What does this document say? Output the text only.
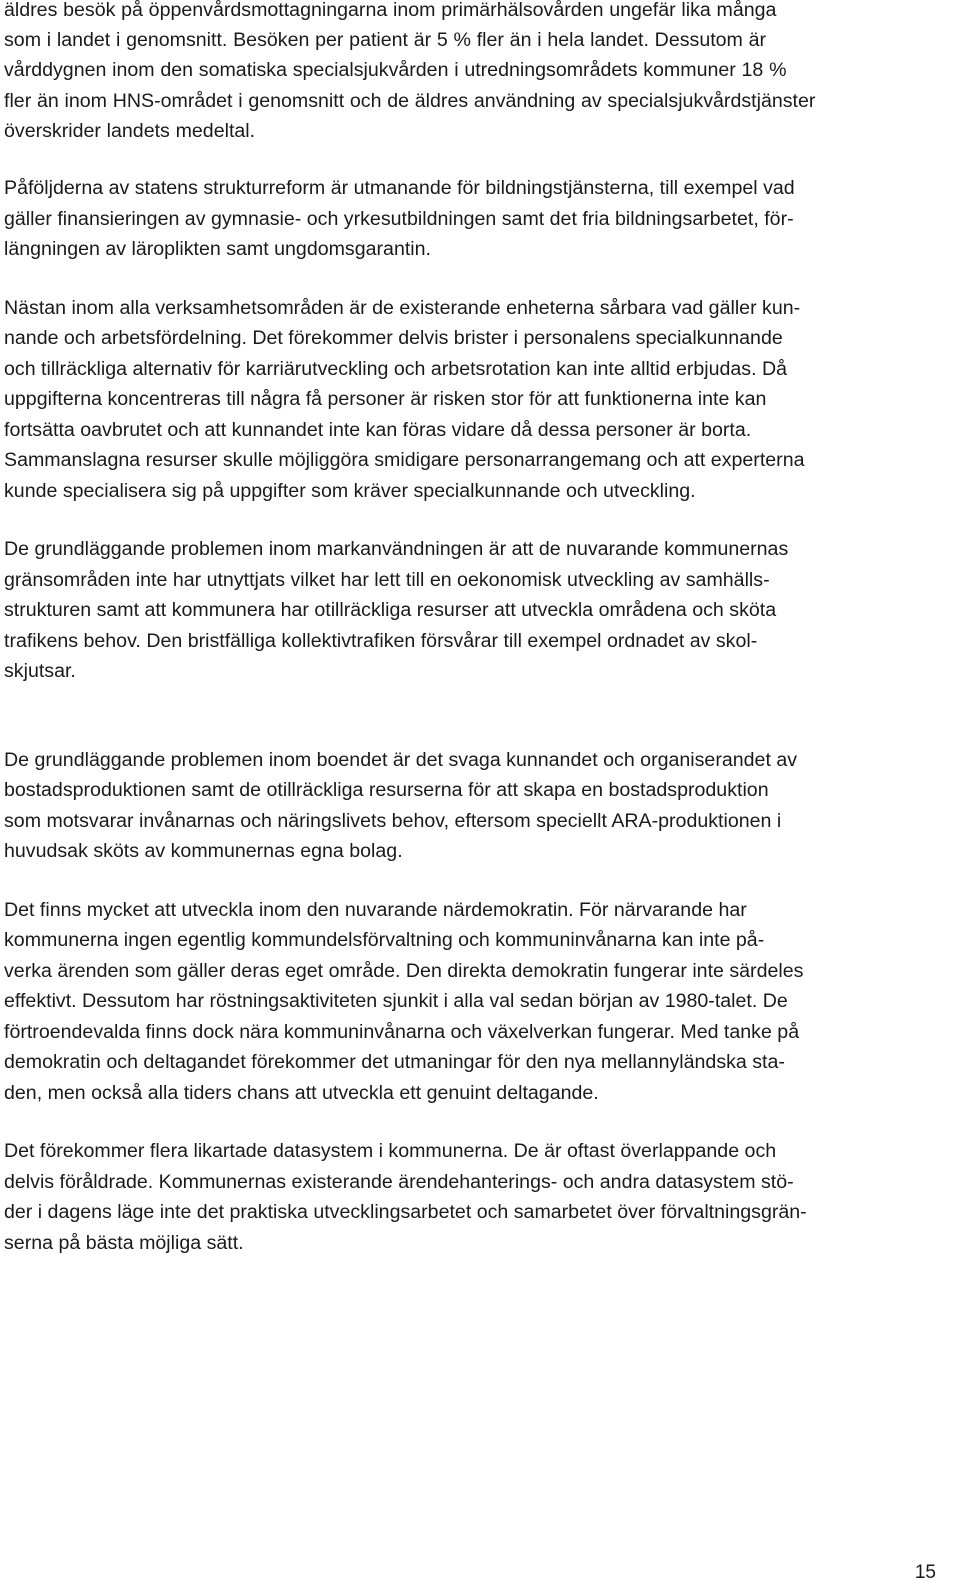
äldres besök på öppenvårdsmottagningarna inom primärhälsovården ungefär lika många
som i landet i genomsnitt. Besöken per patient är 5 % fler än i hela landet. Dessutom är
vårddygnen inom den somatiska specialsjukvården i utredningsområdets kommuner 18 %
fler än inom HNS-området i genomsnitt och de äldres användning av specialsjukvårdstjänster
överskrider landets medeltal.

Påföljderna av statens strukturreform är utmanande för bildningstjänsterna, till exempel vad
gäller finansieringen av gymnasie- och yrkesutbildningen samt det fria bildningsarbetet, för-
längningen av läroplikten samt ungdomsgarantin.

Nästan inom alla verksamhetsområden är de existerande enheterna sårbara vad gäller kun-
nande och arbetsfördelning. Det förekommer delvis brister i personalens specialkunnande
och tillräckliga alternativ för karriärutveckling och arbetsrotation kan inte alltid erbjudas. Då
uppgifterna koncentreras till några få personer är risken stor för att funktionerna inte kan
fortsätta oavbrutet och att kunnandet inte kan föras vidare då dessa personer är borta.
Sammanslagna resurser skulle möjliggöra smidigare personarrangemang och att experterna
kunde specialisera sig på uppgifter som kräver specialkunnande och utveckling.

De grundläggande problemen inom markanvändningen är att de nuvarande kommunernas
gränsområden inte har utnyttjats vilket har lett till en oekonomisk utveckling av samhälls-
strukturen samt att kommunera har otillräckliga resurser att utveckla områdena och sköta
trafikens behov. Den bristfälliga kollektivtrafiken försvårar till exempel ordnadet av skol-
skjutsar.

De grundläggande problemen inom boendet är det svaga kunnandet och organiserandet av
bostadsproduktionen samt de otillräckliga resurserna för att skapa en bostadsproduktion
som motsvarar invånarnas och näringslivets behov, eftersom speciellt ARA-produktionen i
huvudsak sköts av kommunernas egna bolag.

Det finns mycket att utveckla inom den nuvarande närdemokratin. För närvarande har
kommunerna ingen egentlig kommundelsförvaltning och kommuninvånarna kan inte på-
verka ärenden som gäller deras eget område. Den direkta demokratin fungerar inte särdeles
effektivt. Dessutom har röstningsaktiviteten sjunkit i alla val sedan början av 1980-talet. De
förtroendevalda finns dock nära kommuninvånarna och växelverkan fungerar. Med tanke på
demokratin och deltagandet förekommer det utmaningar för den nya mellannyländska sta-
den, men också alla tiders chans att utveckla ett genuint deltagande.

Det förekommer flera likartade datasystem i kommunerna. De är oftast överlappande och
delvis föråldrade. Kommunernas existerande ärendehanterings- och andra datasystem stö-
der i dagens läge inte det praktiska utvecklingsarbetet och samarbetet över förvaltningsgrän-
serna på bästa möjliga sätt.

15
